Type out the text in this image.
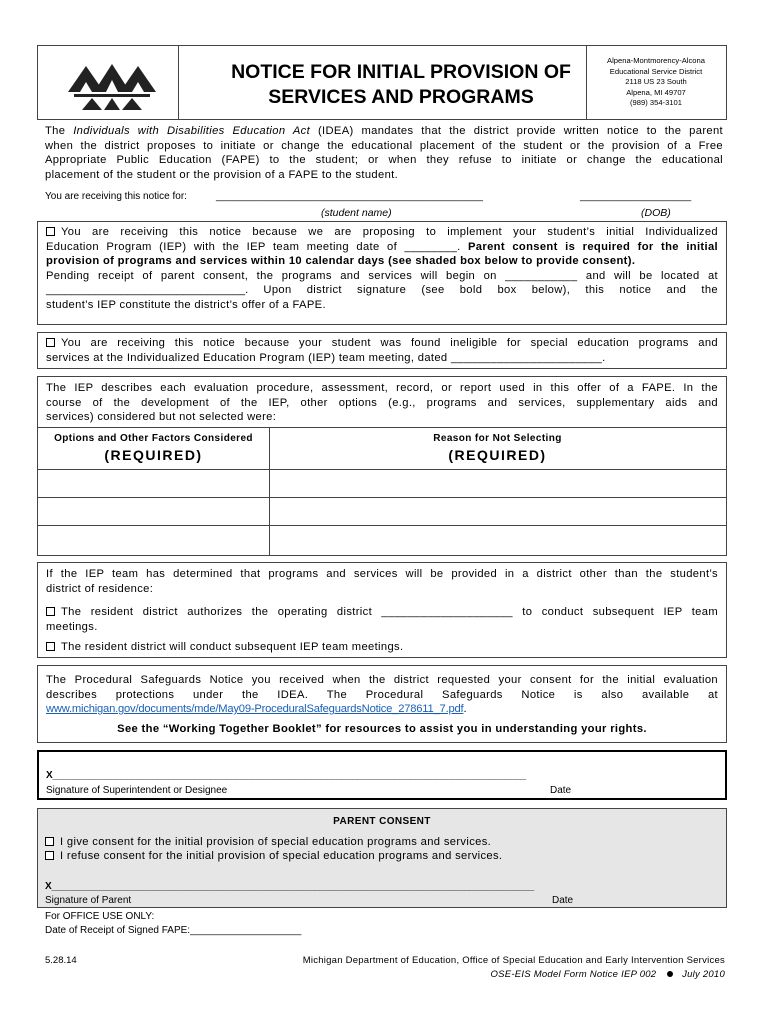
NOTICE FOR INITIAL PROVISION OF
SERVICES AND PROGRAMS
Alpena-Montmorency-Alcona
Educational Service District
2118 US 23 South
Alpena, MI 49707
(989) 354-3101
The Individuals with Disabilities Education Act (IDEA) mandates that the district provide written notice to the parent
when the district proposes to initiate or change the educational placement of the student or the provision of a Free
Appropriate Public Education (FAPE) to the student; or when they refuse to initiate or change the educational
placement of the student or the provision of a FAPE to the student.
You are receiving this notice for:	________________________________________________	____________________
(student name)	(DOB)
You are receiving this notice because we are proposing to implement your student’s initial Individualized
Education Program (IEP) with the IEP team meeting date of ________. Parent consent is required for the initial
provision of programs and services within 10 calendar days (see shaded box below to provide consent).
Pending receipt of parent consent, the programs and services will begin on ___________ and will be located at
________________________________. Upon district signature (see bold box below), this notice and the
student’s IEP constitute the district’s offer of a FAPE.
You are receiving this notice because your student was found ineligible for special education programs and
services at the Individualized Education Program (IEP) team meeting, dated _______________________.
The IEP describes each evaluation procedure, assessment, record, or report used in this offer of a FAPE. In the
course of the development of the IEP, other options (e.g., programs and services, supplementary aids and
services) considered but not selected were:
Options and Other Factors Considered	Reason for Not Selecting
(REQUIRED)	(REQUIRED)
If the IEP team has determined that programs and services will be provided in a district other than the student’s
district of residence:
The resident district authorizes the operating district ____________________ to conduct subsequent IEP team
meetings.
The resident district will conduct subsequent IEP team meetings.
The Procedural Safeguards Notice you received when the district requested your consent for the initial evaluation
describes protections under the IDEA. The Procedural Safeguards Notice is also available at
www.michigan.gov/documents/mde/May09-ProceduralSafeguardsNotice_278611_7.pdf.
See the “Working Together Booklet” for resources to assist you in understanding your rights.
X__________________________________________________________________________________________
Signature of Superintendent or Designee	Date
PARENT CONSENT
I give consent for the initial provision of special education programs and services.
I refuse consent for the initial provision of special education programs and services.
X__________________________________________________________________________________________
Signature of Parent	Date
For OFFICE USE ONLY:
Date of Receipt of Signed FAPE:____________________
5.28.14	Michigan Department of Education, Office of Special Education and Early Intervention Services
OSE-EIS Model Form Notice IEP 002	July 2010
